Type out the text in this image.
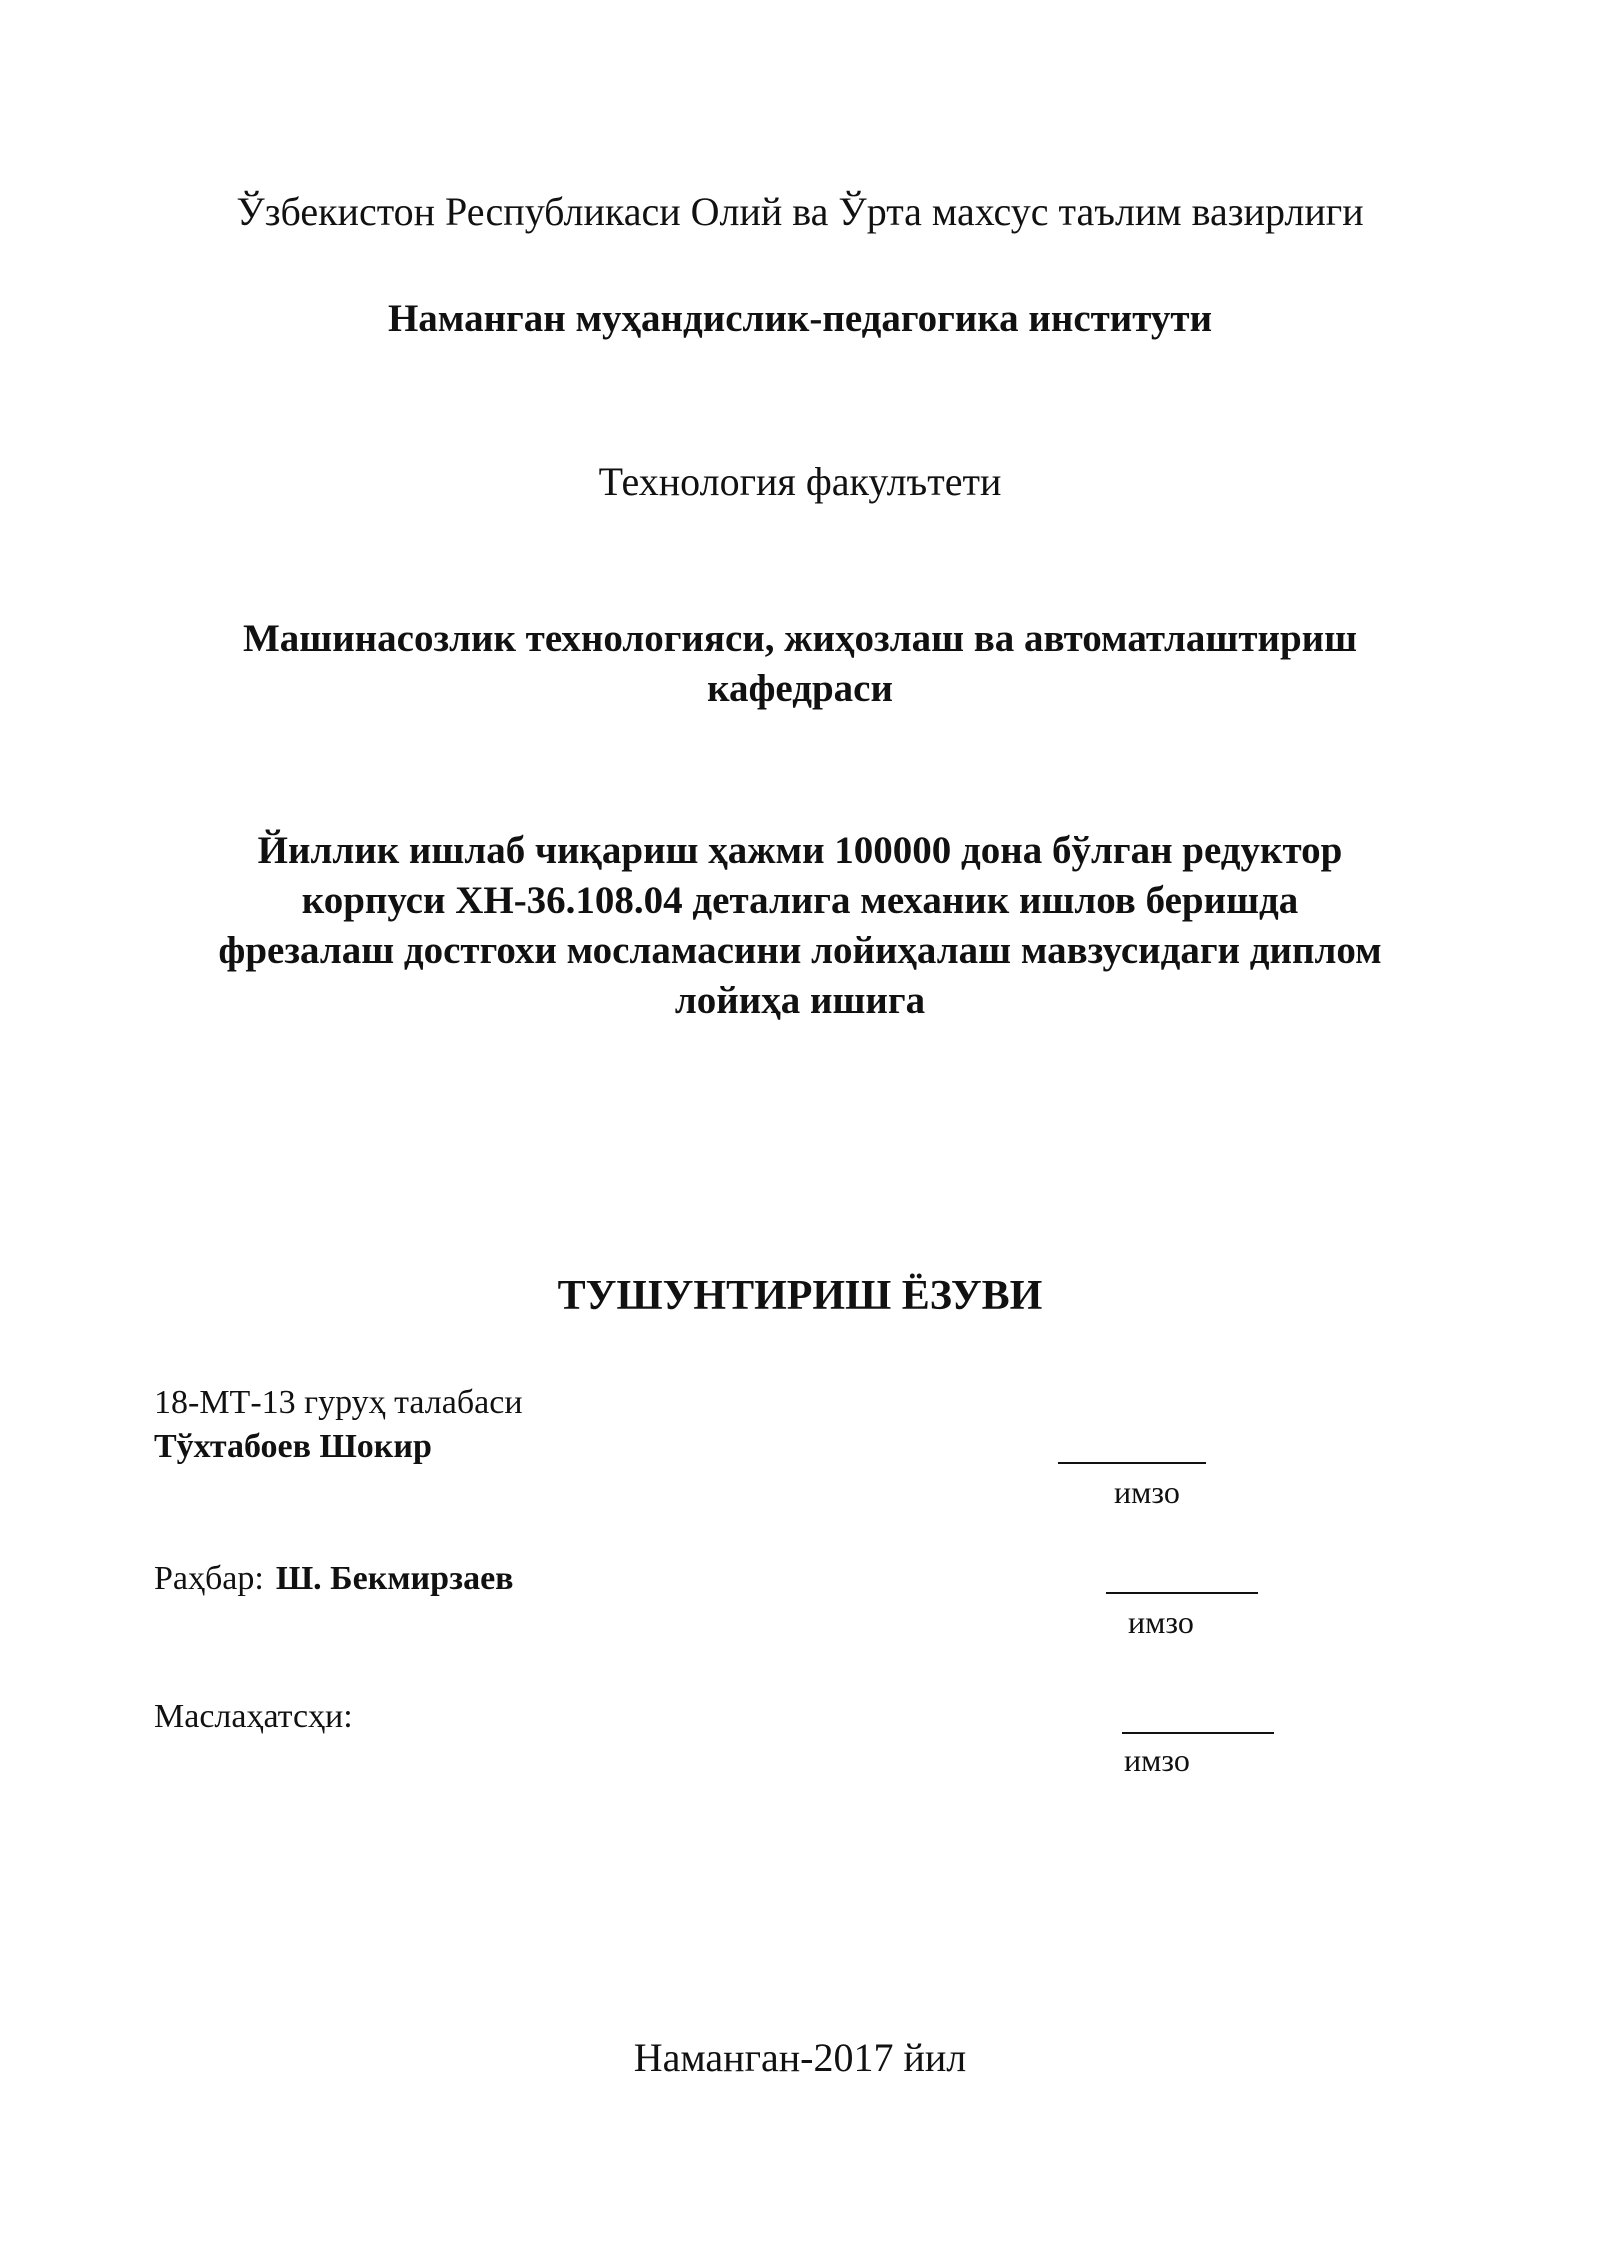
Ўзбекистон Республикаси Олий ва Ўрта махсус таълим вазирлиги

Наманган муҳандислик-педагогика институти

Технология факулътети

Машинасозлик технологияси, жиҳозлаш ва автоматлаштириш
кафедраси
Йиллик ишлаб чиқариш ҳажми 100000 дона бўлган редуктор
корпуси ХН-36.108.04 деталига механик ишлов беришда
фрезалаш достгохи мосламасини лойиҳалаш мавзусидаги диплом
лойиҳа ишига

ТУШУНТИРИШ ЁЗУВИ

18-МТ-13 гуруҳ талабаси

Тўхтабоев Шокир

имзо

Раҳбар: Ш. Бекмирзаев

имзо

Маслаҳатсҳи:

имзо

Наманган-2017 йил
